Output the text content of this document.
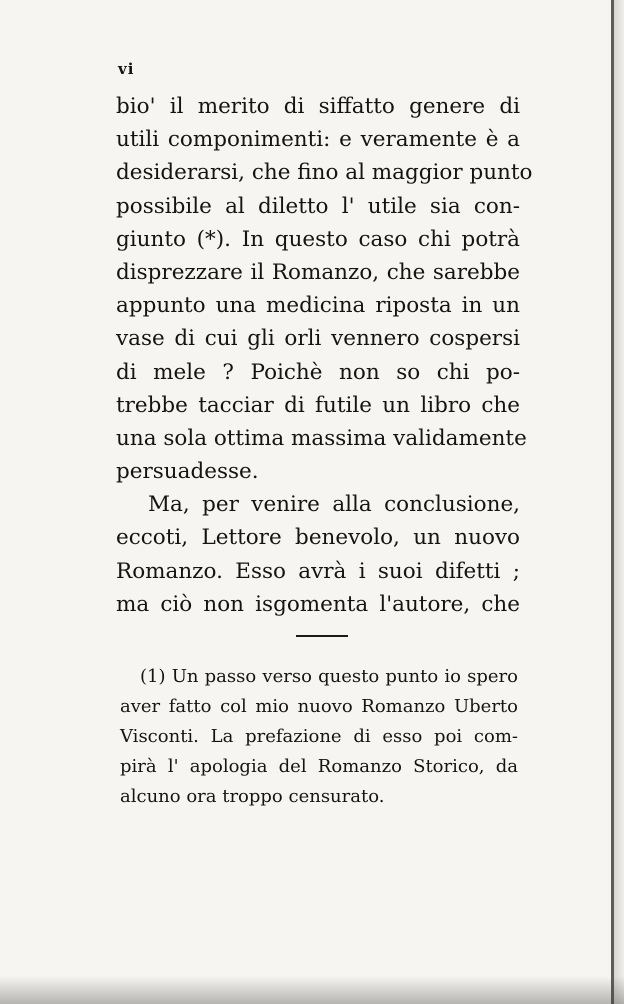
vi
bio' il merito di siffatto genere di
utili componimenti: e veramente è a
desiderarsi, che fino al maggior punto
possibile al diletto l' utile sia con-
giunto (*). In questo caso chi potrà
disprezzare il Romanzo, che sarebbe
appunto una medicina riposta in un
vase di cui gli orli vennero cospersi
di mele ? Poichè non so chi po-
trebbe tacciar di futile un libro che
una sola ottima massima validamente
persuadesse.
Ma, per venire alla conclusione,
eccoti, Lettore benevolo, un nuovo
Romanzo. Esso avrà i suoi difetti ;
ma ciò non isgomenta l'autore, che
(1) Un passo verso questo punto io spero
aver fatto col mio nuovo Romanzo Uberto
Visconti. La prefazione di esso poi com-
pirà l' apologia del Romanzo Storico, da
alcuno ora troppo censurato.
